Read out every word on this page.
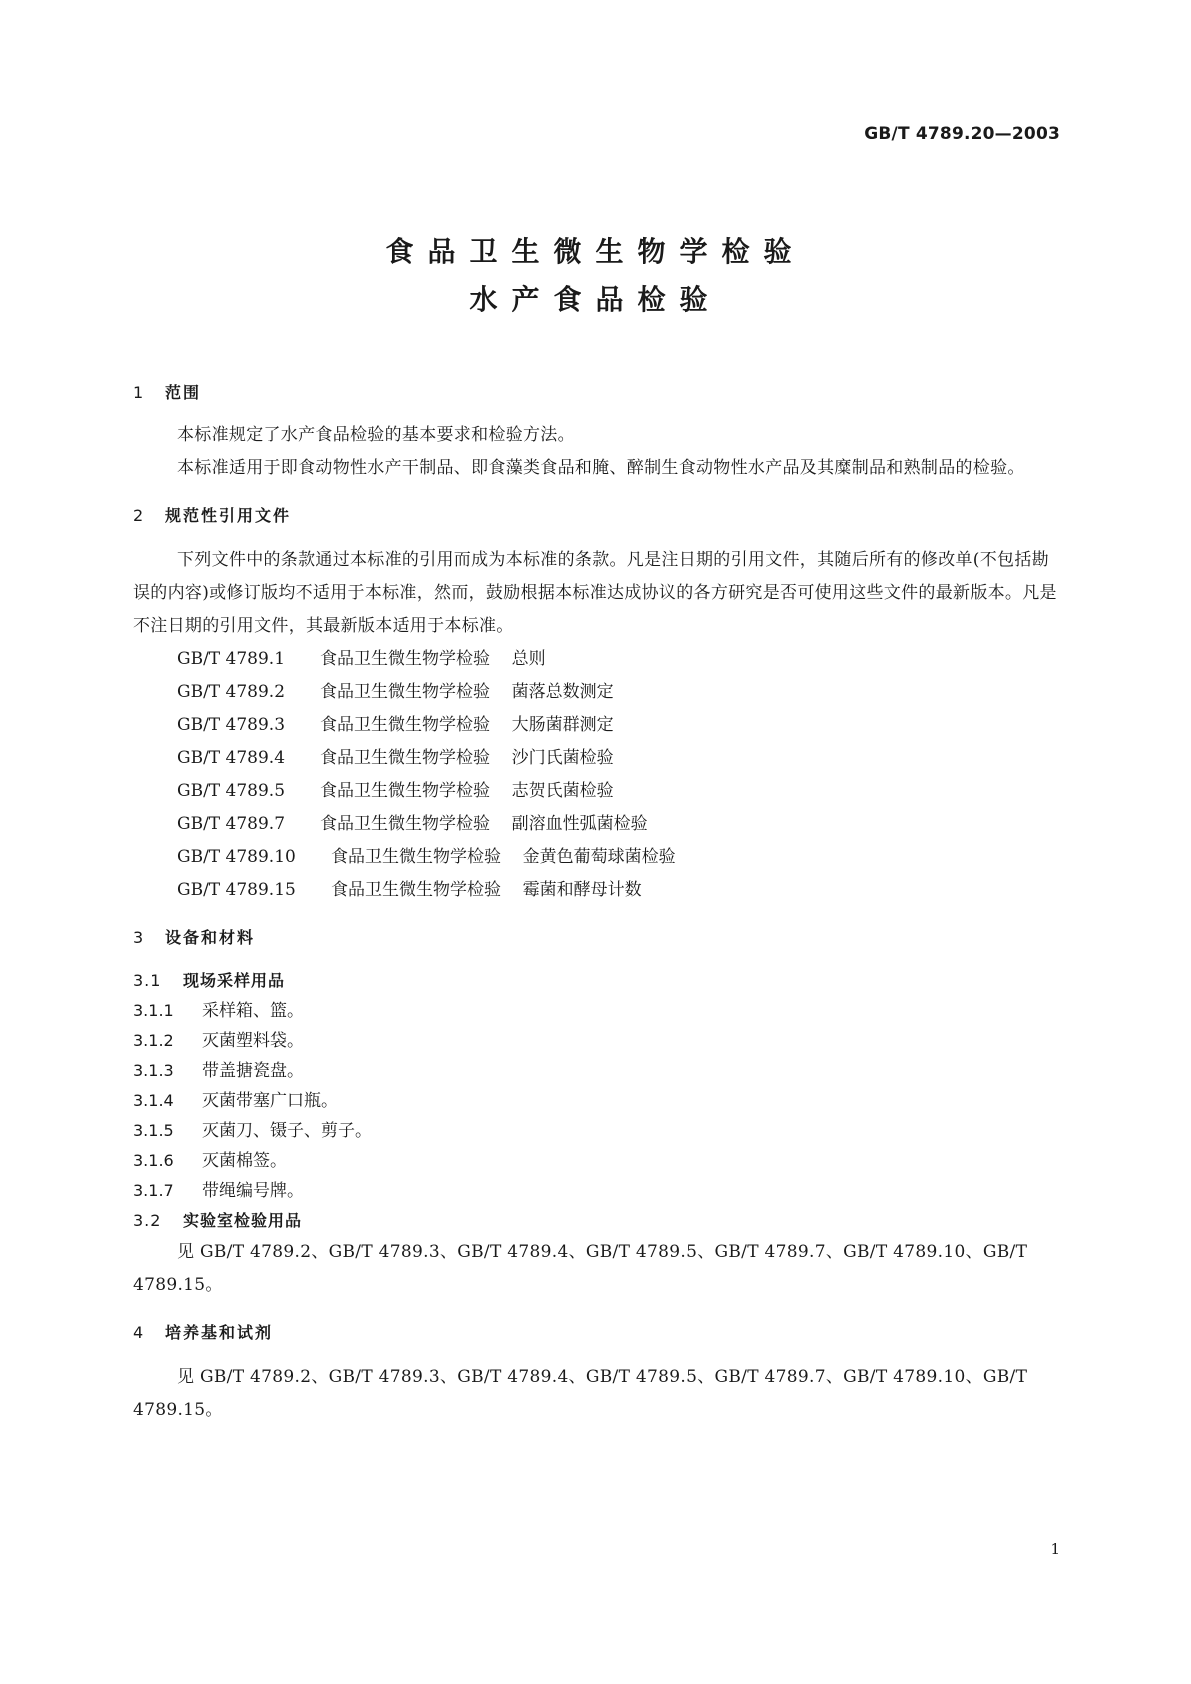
GB/T 4789.20—2003
食品卫生微生物学检验
水产食品检验
1 范围

本标准规定了水产食品检验的基本要求和检验方法。

本标准适用于即食动物性水产干制品、即食藻类食品和腌、醉制生食动物性水产品及其糜制品和熟制品的检验。

2 规范性引用文件

下列文件中的条款通过本标准的引用而成为本标准的条款。凡是注日期的引用文件，其随后所有的修改单(不包括勘误的内容)或修订版均不适用于本标准，然而，鼓励根据本标准达成协议的各方研究是否可使用这些文件的最新版本。凡是不注日期的引用文件，其最新版本适用于本标准。

GB/T 4789.1 食品卫生微生物学检验 总则
GB/T 4789.2 食品卫生微生物学检验 菌落总数测定
GB/T 4789.3 食品卫生微生物学检验 大肠菌群测定
GB/T 4789.4 食品卫生微生物学检验 沙门氏菌检验
GB/T 4789.5 食品卫生微生物学检验 志贺氏菌检验
GB/T 4789.7 食品卫生微生物学检验 副溶血性弧菌检验
GB/T 4789.10 食品卫生微生物学检验 金黄色葡萄球菌检验
GB/T 4789.15 食品卫生微生物学检验 霉菌和酵母计数
3 设备和材料
3.1 现场采样用品
3.1.1 采样箱、篮。
3.1.2 灭菌塑料袋。
3.1.3 带盖搪瓷盘。
3.1.4 灭菌带塞广口瓶。
3.1.5 灭菌刀、镊子、剪子。
3.1.6 灭菌棉签。
3.1.7 带绳编号牌。
3.2 实验室检验用品

见 GB/T 4789.2、GB/T 4789.3、GB/T 4789.4、GB/T 4789.5、GB/T 4789.7、GB/T 4789.10、GB/T 4789.15。

4 培养基和试剂

见 GB/T 4789.2、GB/T 4789.3、GB/T 4789.4、GB/T 4789.5、GB/T 4789.7、GB/T 4789.10、GB/T 4789.15。

1
